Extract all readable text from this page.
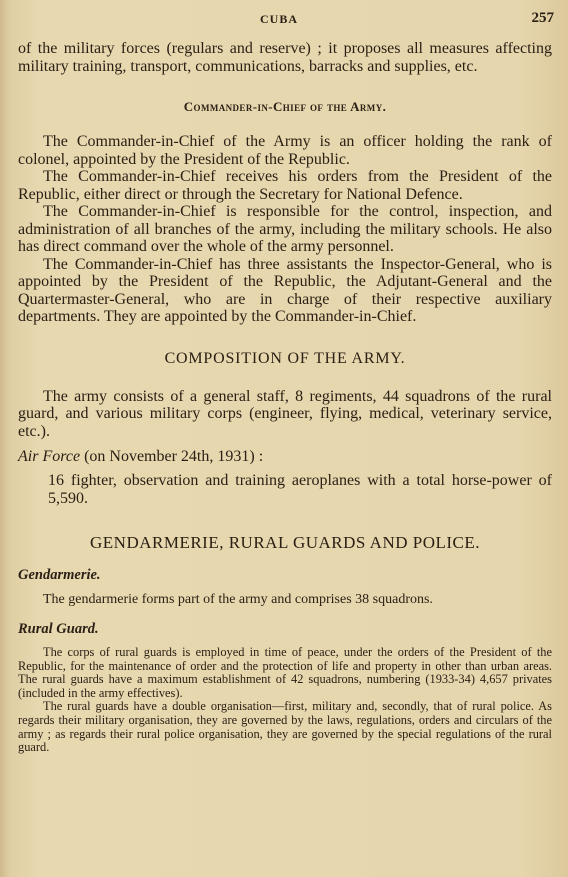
CUBA	257

of the military forces (regulars and reserve) ; it proposes all measures affecting military training, transport, communications, barracks and supplies, etc.

Commander-in-Chief of the Army.

The Commander-in-Chief of the Army is an officer holding the rank of colonel, appointed by the President of the Republic.

The Commander-in-Chief receives his orders from the President of the Republic, either direct or through the Secretary for National Defence.

The Commander-in-Chief is responsible for the control, inspection, and administration of all branches of the army, including the military schools. He also has direct command over the whole of the army personnel.

The Commander-in-Chief has three assistants the Inspector-General, who is appointed by the President of the Republic, the Adjutant-General and the Quartermaster-General, who are in charge of their respective auxiliary departments. They are appointed by the Commander-in-Chief.

COMPOSITION OF THE ARMY.

The army consists of a general staff, 8 regiments, 44 squadrons of the rural guard, and various military corps (engineer, flying, medical, veterinary service, etc.).

Air Force (on November 24th, 1931) :

16 fighter, observation and training aeroplanes with a total horse-power of 5,590.

GENDARMERIE, RURAL GUARDS AND POLICE.
Gendarmerie.

The gendarmerie forms part of the army and comprises 38 squadrons.

Rural Guard.

The corps of rural guards is employed in time of peace, under the orders of the President of the Republic, for the maintenance of order and the protection of life and property in other than urban areas. The rural guards have a maximum establishment of 42 squadrons, numbering (1933-34) 4,657 privates (included in the army effectives).

The rural guards have a double organisation—first, military and, secondly, that of rural police. As regards their military organisation, they are governed by the laws, regulations, orders and circulars of the army ; as regards their rural police organisation, they are governed by the special regulations of the rural guard.
